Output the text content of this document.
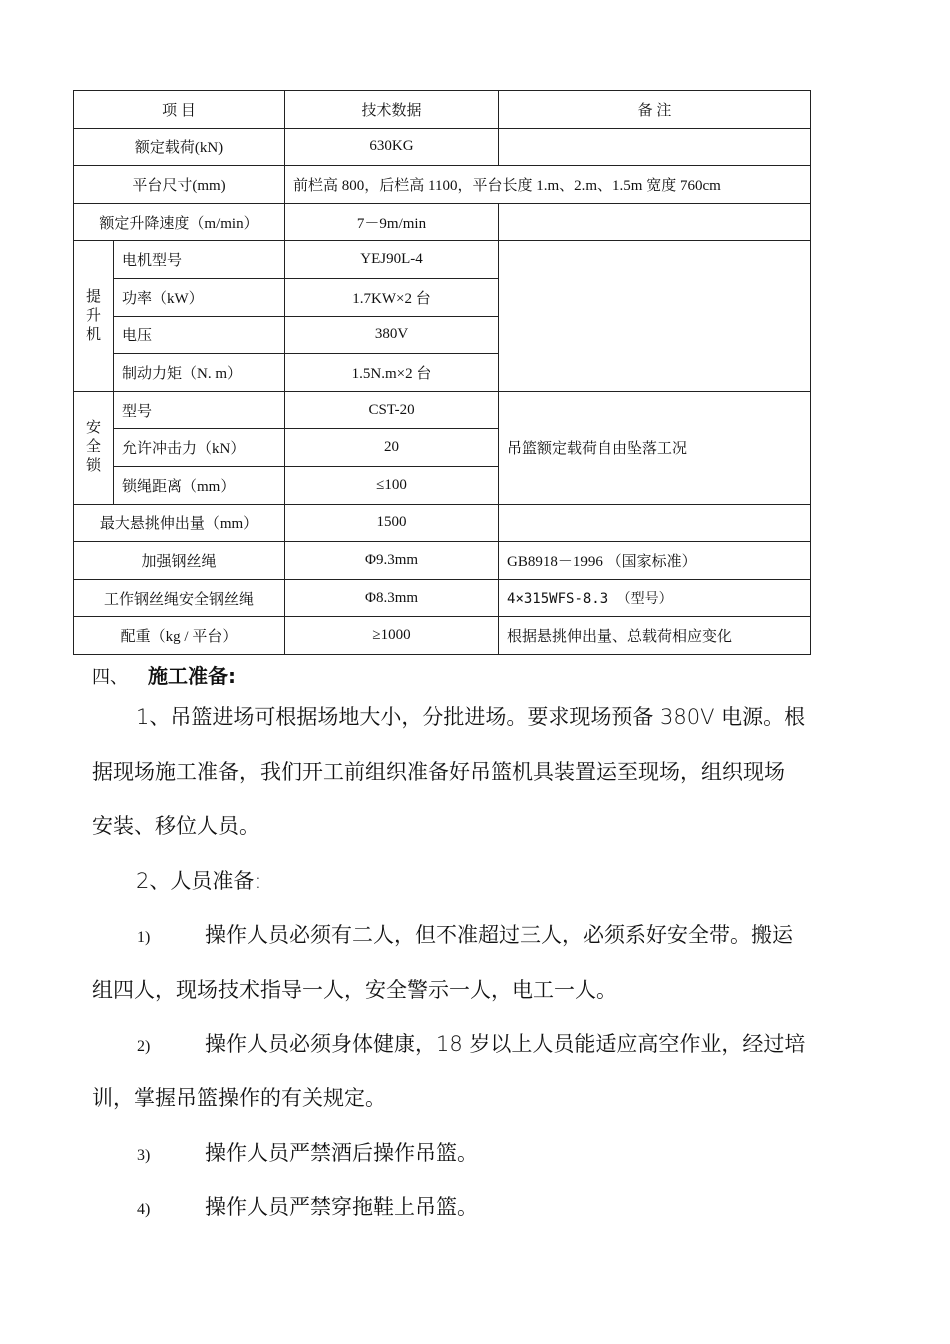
项 目		技术数据	备 注
额定载荷(kN)		630KG	
平台尺寸(mm)		前栏高 800，后栏高 1100，平台长度 1.m、2.m、1.5m 宽度 760cm	
额定升降速度（m/min）		7－9m/min	

提升机	电机型号	YEJ90L-4	
	功率（kW）	1.7KW×2 台	
	电压	380V	
	制动力矩（N. m）	1.5N.m×2 台	

安全锁	型号	CST-20	吊篮额定载荷自由坠落工况
	允许冲击力（kN）	20	
	锁绳距离（mm）	≤100	
最大悬挑伸出量（mm）		1500	
加强钢丝绳		Φ9.3mm	GB8918－1996 （国家标准）
工作钢丝绳安全钢丝绳		Φ8.3mm	4×315WFS-8.3 （型号）
配重（kg / 平台）		≥1000	根据悬挑伸出量、总载荷相应变化
四、 施工准备:
1、吊篮进场可根据场地大小，分批进场。要求现场预备 380V 电源。根
据现场施工准备，我们开工前组织准备好吊篮机具装置运至现场，组织现场
安装、移位人员。
2、人员准备:
1)	操作人员必须有二人，但不准超过三人，必须系好安全带。搬运
组四人，现场技术指导一人，安全警示一人，电工一人。
2)	操作人员必须身体健康，18 岁以上人员能适应高空作业，经过培
训，掌握吊篮操作的有关规定。
3)	操作人员严禁酒后操作吊篮。
4)	操作人员严禁穿拖鞋上吊篮。
